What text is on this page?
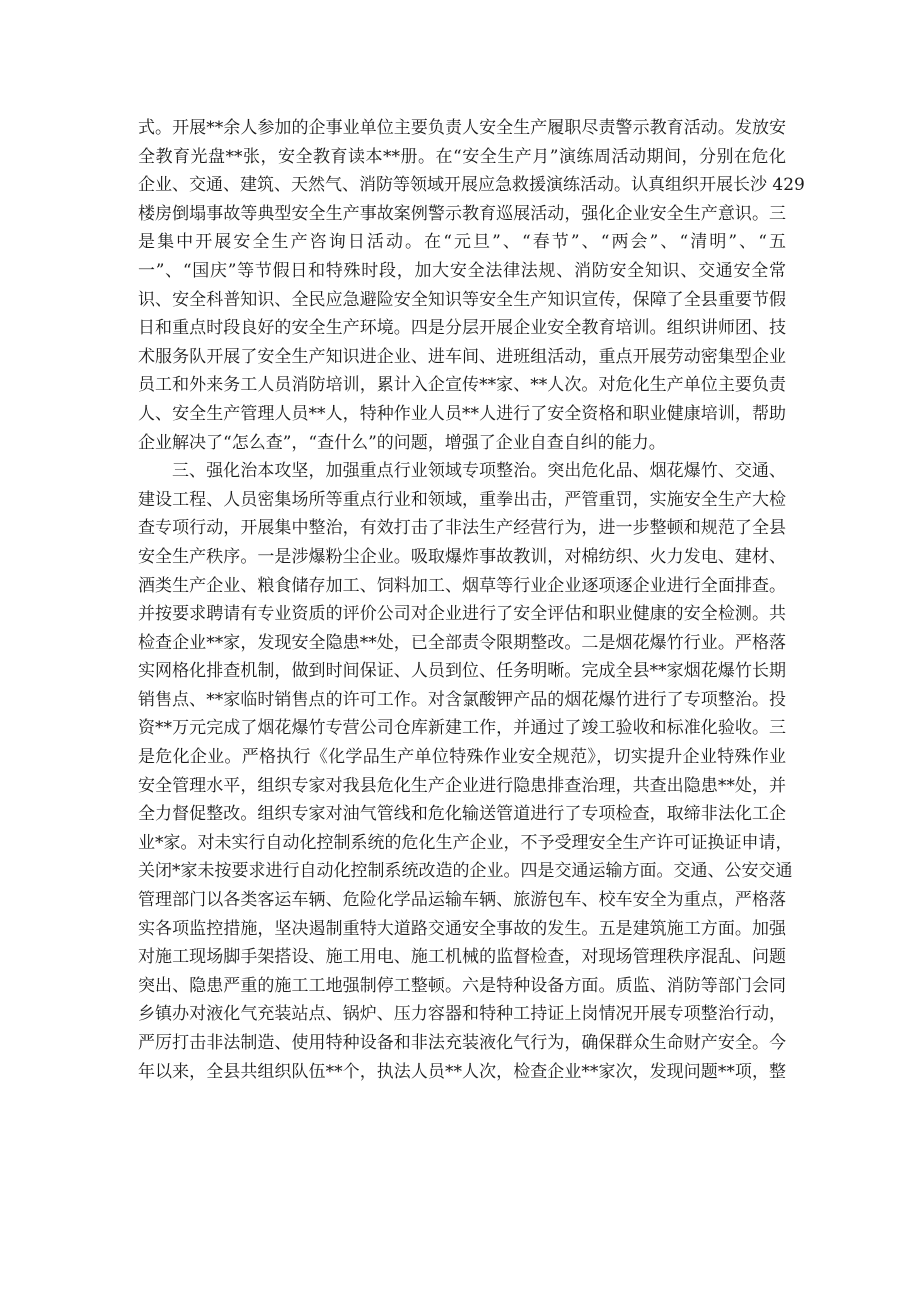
式。开展**余人参加的企事业单位主要负责人安全生产履职尽责警示教育活动。发放安
全教育光盘**张，安全教育读本**册。在“安全生产月”演练周活动期间，分别在危化
企业、交通、建筑、天然气、消防等领域开展应急救援演练活动。认真组织开展长沙 429
楼房倒塌事故等典型安全生产事故案例警示教育巡展活动，强化企业安全生产意识。三
是集中开展安全生产咨询日活动。在“元旦”、“春节”、“两会”、“清明”、“五
一”、“国庆”等节假日和特殊时段，加大安全法律法规、消防安全知识、交通安全常
识、安全科普知识、全民应急避险安全知识等安全生产知识宣传，保障了全县重要节假
日和重点时段良好的安全生产环境。四是分层开展企业安全教育培训。组织讲师团、技
术服务队开展了安全生产知识进企业、进车间、进班组活动，重点开展劳动密集型企业
员工和外来务工人员消防培训，累计入企宣传**家、**人次。对危化生产单位主要负责
人、安全生产管理人员**人，特种作业人员**人进行了安全资格和职业健康培训，帮助
企业解决了“怎么查”，“查什么”的问题，增强了企业自查自纠的能力。
三、强化治本攻坚，加强重点行业领域专项整治。突出危化品、烟花爆竹、交通、
建设工程、人员密集场所等重点行业和领域，重拳出击，严管重罚，实施安全生产大检
查专项行动，开展集中整治，有效打击了非法生产经营行为，进一步整顿和规范了全县
安全生产秩序。一是涉爆粉尘企业。吸取爆炸事故教训，对棉纺织、火力发电、建材、
酒类生产企业、粮食储存加工、饲料加工、烟草等行业企业逐项逐企业进行全面排查。
并按要求聘请有专业资质的评价公司对企业进行了安全评估和职业健康的安全检测。共
检查企业**家，发现安全隐患**处，已全部责令限期整改。二是烟花爆竹行业。严格落
实网格化排查机制，做到时间保证、人员到位、任务明晰。完成全县**家烟花爆竹长期
销售点、**家临时销售点的许可工作。对含氯酸钾产品的烟花爆竹进行了专项整治。投
资**万元完成了烟花爆竹专营公司仓库新建工作，并通过了竣工验收和标准化验收。三
是危化企业。严格执行《化学品生产单位特殊作业安全规范》，切实提升企业特殊作业
安全管理水平，组织专家对我县危化生产企业进行隐患排查治理，共查出隐患**处，并
全力督促整改。组织专家对油气管线和危化输送管道进行了专项检查，取缔非法化工企
业*家。对未实行自动化控制系统的危化生产企业，不予受理安全生产许可证换证申请，
关闭*家未按要求进行自动化控制系统改造的企业。四是交通运输方面。交通、公安交通
管理部门以各类客运车辆、危险化学品运输车辆、旅游包车、校车安全为重点，严格落
实各项监控措施，坚决遏制重特大道路交通安全事故的发生。五是建筑施工方面。加强
对施工现场脚手架搭设、施工用电、施工机械的监督检查，对现场管理秩序混乱、问题
突出、隐患严重的施工工地强制停工整顿。六是特种设备方面。质监、消防等部门会同
乡镇办对液化气充装站点、锅炉、压力容器和特种工持证上岗情况开展专项整治行动，
严厉打击非法制造、使用特种设备和非法充装液化气行为，确保群众生命财产安全。今
年以来，全县共组织队伍**个，执法人员**人次，检查企业**家次，发现问题**项，整
